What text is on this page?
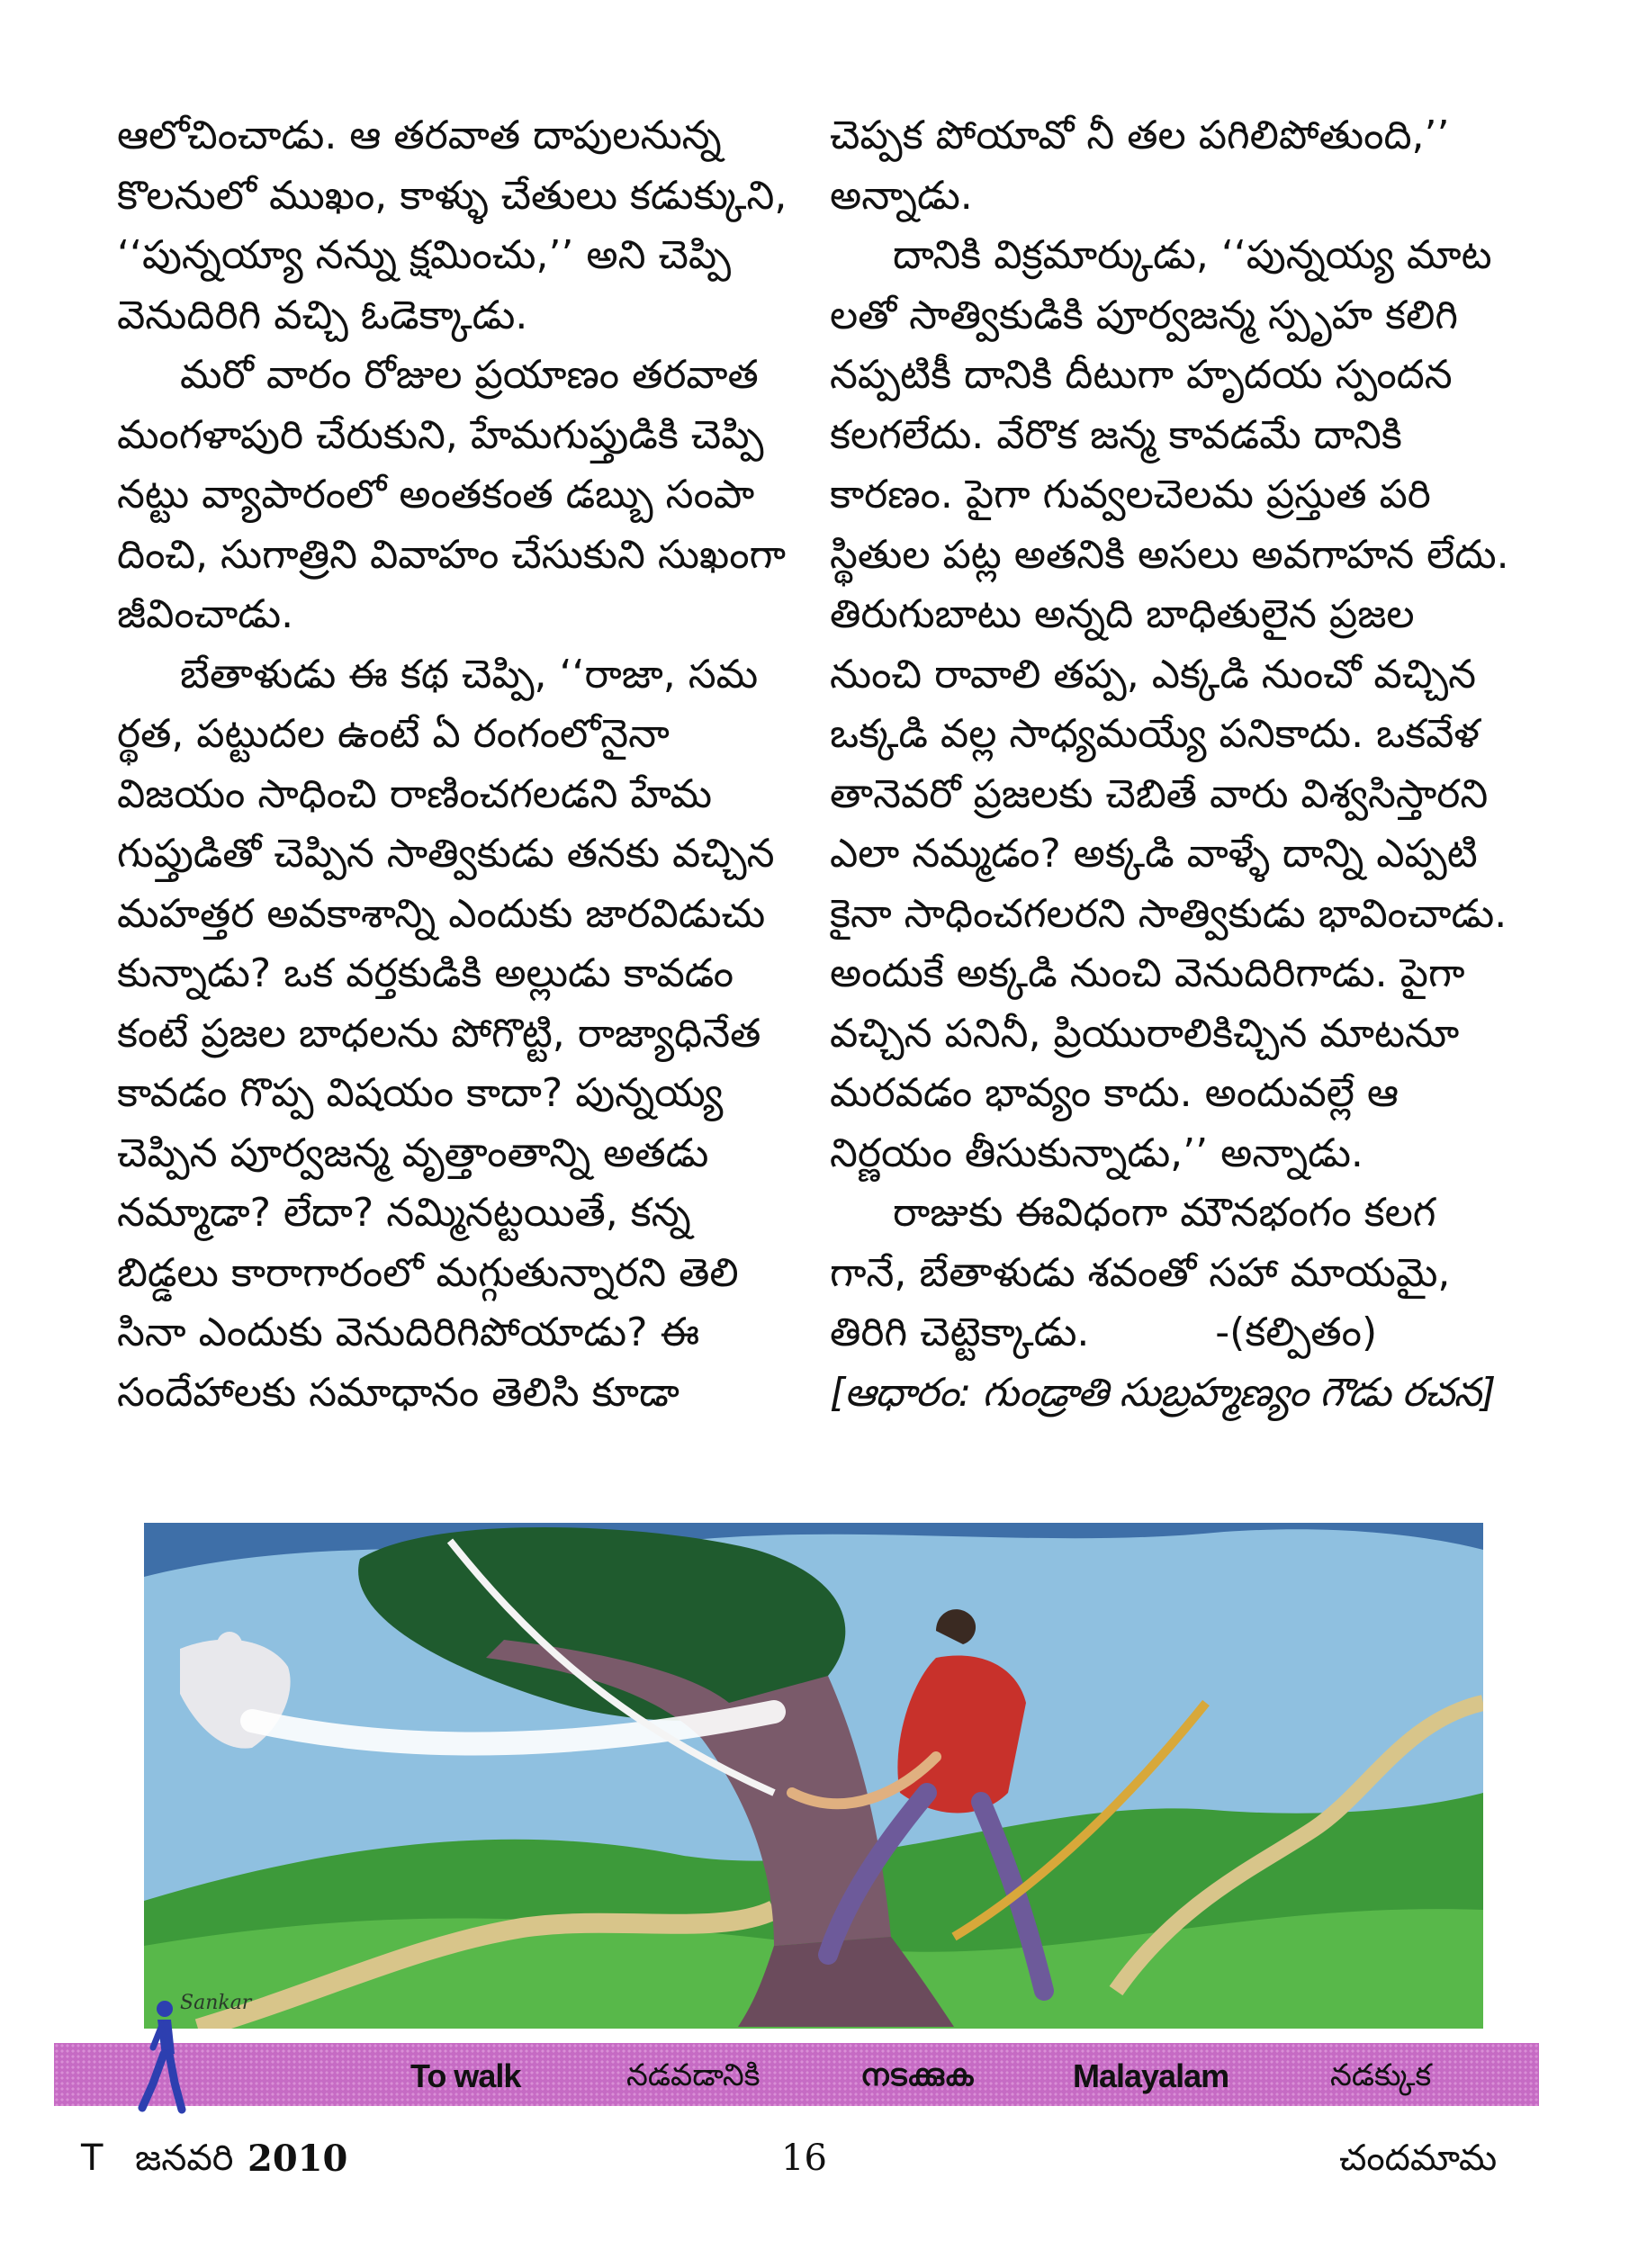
ఆలోచించాడు. ఆ తరవాత దాపులనున్న

కొలనులో ముఖం, కాళ్ళు చేతులు కడుక్కుని,

‘‘పున్నయ్యా నన్ను క్షమించు,’’ అని చెప్పి

వెనుదిరిగి వచ్చి ఓడెక్కాడు.

మరో వారం రోజుల ప్రయాణం తరవాత

మంగళాపురి చేరుకుని, హేమగుప్తుడికి చెప్పి

నట్టు వ్యాపారంలో అంతకంత డబ్బు సంపా

దించి, సుగాత్రిని వివాహం చేసుకుని సుఖంగా

జీవించాడు.

బేతాళుడు ఈ కథ చెప్పి, ‘‘రాజా, సమ

ర్థత, పట్టుదల ఉంటే ఏ రంగంలోనైనా

విజయం సాధించి రాణించగలడని హేమ

గుప్తుడితో చెప్పిన సాత్వికుడు తనకు వచ్చిన

మహత్తర అవకాశాన్ని ఎందుకు జారవిడుచు

కున్నాడు? ఒక వర్తకుడికి అల్లుడు కావడం

కంటే ప్రజల బాధలను పోగొట్టి, రాజ్యాధినేత

కావడం గొప్ప విషయం కాదా? పున్నయ్య

చెప్పిన పూర్వజన్మ వృత్తాంతాన్ని అతడు

నమ్మాడా? లేదా? నమ్మినట్టయితే, కన్న

బిడ్డలు కారాగారంలో మగ్గుతున్నారని తెలి

సినా ఎందుకు వెనుదిరిగిపోయాడు? ఈ

సందేహాలకు సమాధానం తెలిసి కూడా

చెప్పక పోయావో నీ తల పగిలిపోతుంది,’’

అన్నాడు.

దానికి విక్రమార్కుడు, ‘‘పున్నయ్య మాట

లతో సాత్వికుడికి పూర్వజన్మ స్పృహ కలిగి

నప్పటికీ దానికి దీటుగా హృదయ స్పందన

కలగలేదు. వేరొక జన్మ కావడమే దానికి

కారణం. పైగా గువ్వలచెలమ ప్రస్తుత పరి

స్థితుల పట్ల అతనికి అసలు అవగాహన లేదు.

తిరుగుబాటు అన్నది బాధితులైన ప్రజల

నుంచి రావాలి తప్ప, ఎక్కడి నుంచో వచ్చిన

ఒక్కడి వల్ల సాధ్యమయ్యే పనికాదు. ఒకవేళ

తానెవరో ప్రజలకు చెబితే వారు విశ్వసిస్తారని

ఎలా నమ్మడం? అక్కడి వాళ్ళే దాన్ని ఎప్పటి

కైనా సాధించగలరని సాత్వికుడు భావించాడు.

అందుకే అక్కడి నుంచి వెనుదిరిగాడు. పైగా

వచ్చిన పనినీ, ప్రియురాలికిచ్చిన మాటనూ

మరవడం భావ్యం కాదు. అందువల్లే ఆ

నిర్ణయం తీసుకున్నాడు,’’ అన్నాడు.

రాజుకు ఈవిధంగా మౌనభంగం కలగ

గానే, బేతాళుడు శవంతో సహా మాయమై,

తిరిగి చెట్టెక్కాడు.          -(కల్పితం)

[ఆధారం: గుండ్రాతి సుబ్రహ్మణ్యం గౌడు రచన]

Sankar
To walk	నడవడానికి	നടക്കുക	Malayalam	నడక్కుక
T జనవరి 2010	16	చందమామ
